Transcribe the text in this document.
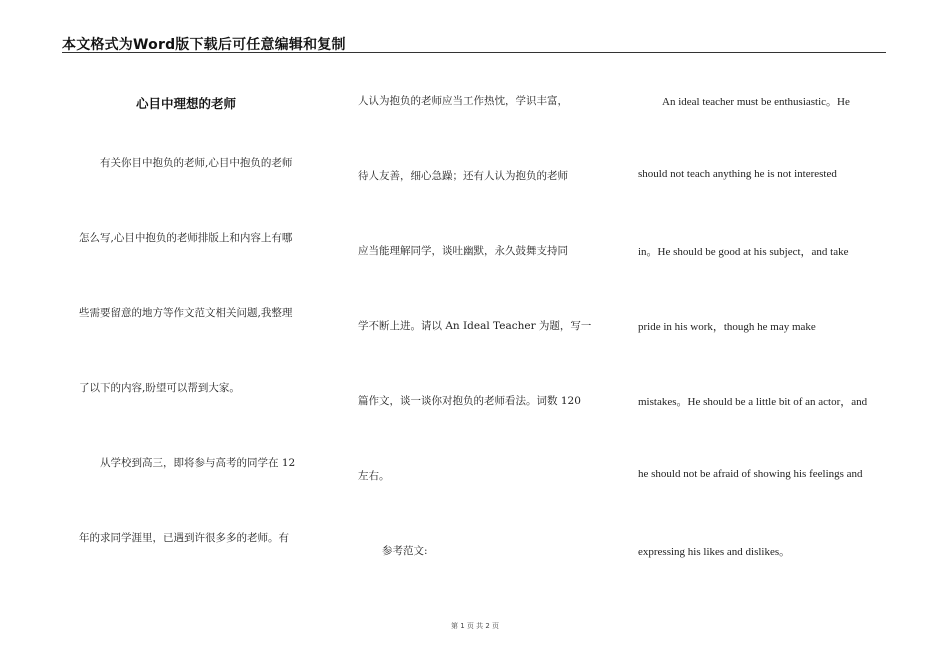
本文格式为Word版下载后可任意编辑和复制
心目中理想的老师
有关你目中抱负的老师,心目中抱负的老师
怎么写,心目中抱负的老师排版上和内容上有哪
些需要留意的地方等作文范文相关问题,我整理
了以下的内容,盼望可以帮到大家。
从学校到高三，即将参与高考的同学在 12
年的求同学涯里，已遇到许很多多的老师。有
人认为抱负的老师应当工作热忱，学识丰富，
待人友善，细心急躁；还有人认为抱负的老师
应当能理解同学，谈吐幽默，永久鼓舞支持同
学不断上进。请以 An Ideal Teacher 为题，写一
篇作文，谈一谈你对抱负的老师看法。词数 120
左右。
参考范文:
An ideal teacher must be enthusiastic。He
should not teach anything he is not interested
in。He should be good at his subject，and take
pride in his work，though he may make
mistakes。He should be a little bit of an actor，and
he should not be afraid of showing his feelings and
expressing his likes and dislikes。
第 1 页 共 2 页
